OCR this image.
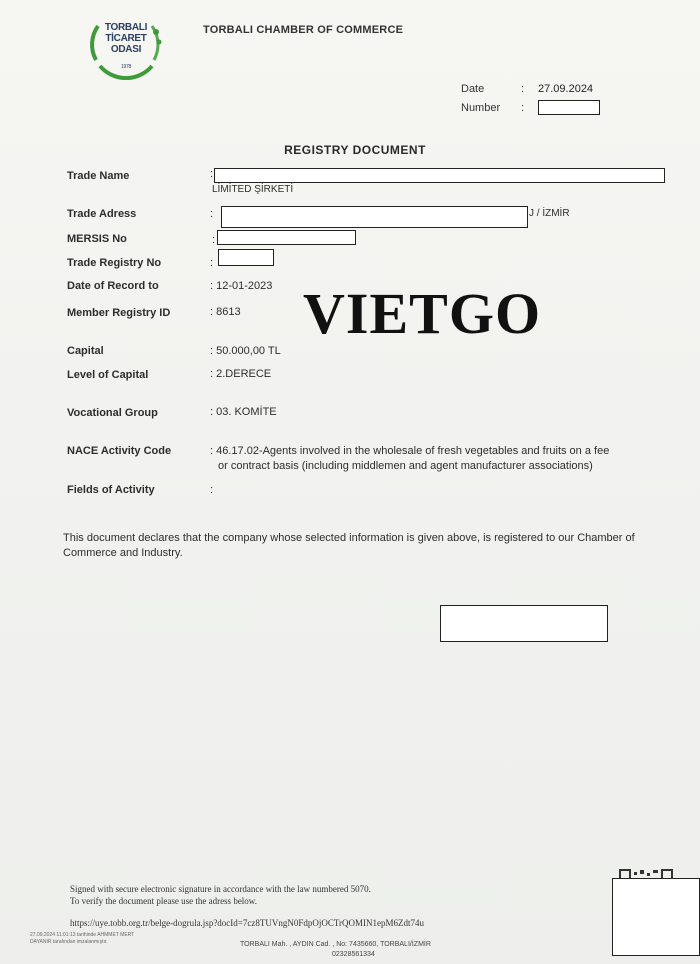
TORBALI
TİCARET
ODASI
1978
TORBALI CHAMBER OF COMMERCE
Date	: 27.09.2024
Number :
REGISTRY DOCUMENT
Trade Name	:
LİMİTED ŞİRKETİ
Trade Adress	:	J / İZMİR
MERSIS No	:
Trade Registry No	:
Date of Record to	: 12-01-2023
Member Registry ID	: 8613 VIETGO
Capital	: 50.000,00 TL
Level of Capital	: 2.DERECE
Vocational Group	: 03. KOMİTE
NACE Activity Code	: 46.17.02-Agents involved in the wholesale of fresh vegetables and fruits on a fee
or contract basis (including middlemen and agent manufacturer associations)
Fields of Activity	:
This document declares that the company whose selected information is given above, is registered to our Chamber of Commerce and Industry.
Signed with secure electronic signature in accordance with the law numbered 5070.
To verify the document please use the adress below.
https://uye.tobb.org.tr/belge-dogrula.jsp?docId=7cz8TUVngN0FdpOjOCTrQOMIN1epM6Zdt74u
27.09.2024 11:01:13 tarihinde AHMMET MERT DAYANIR tarafından imzalanmıştır.	TORBALI Mah. , AYDIN Cad. , No: 7435660, TORBALI/İZMİR
02328561334
